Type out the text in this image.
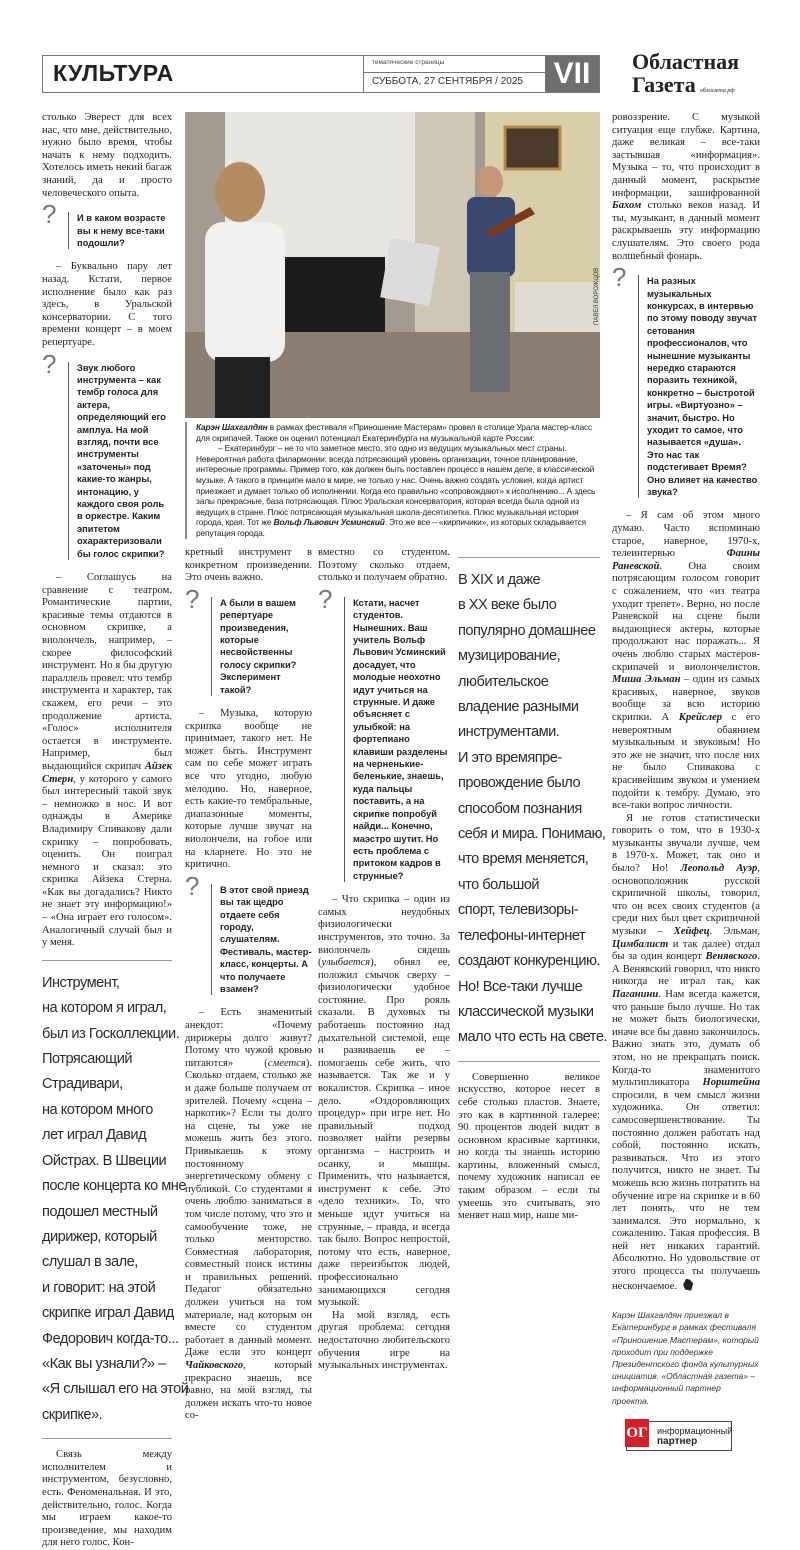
КУЛЬТУРА	тематические страницы
СУББОТА, 27 СЕНТЯБРЯ / 2025 VII	Областная
Газета облгазета.рф

столько Эверест для всех нас, что мне, действительно, нужно было время, чтобы начать к нему подходить. Хотелось иметь некий багаж знаний, да и просто человеческого опыта.

?	И в каком возрасте вы к нему все-таки подошли?

– Буквально пару лет назад. Кстати, первое исполнение было как раз здесь, в Уральской консерватории. С того времени концерт – в моем репертуаре.

?	Звук любого инструмента – как тембр голоса для актера, определяющий его амплуа. На мой взгляд, почти все инструменты «заточены» под какие-то жанры, интонацию, у каждого своя роль в оркестре. Каким эпитетом охарактеризовали бы голос скрипки?

– Соглашусь на сравнение с театром. Романтические партии, красивые темы отдаются в основном скрипке, а виолончель, например, – скорее философский инструмент. Но я бы другую параллель провел: что тембр инструмента и характер, так скажем, его речи – это продолжение артиста. «Голос» исполнителя остается в инструменте. Например, был выдающийся скрипач Айзек Стерн, у которого у самого был интересный такой звук – немножко в нос. И вот однажды в Америке Владимиру Спивакову дали скрипку – попробовать, оценить. Он поиграл немного и сказал: это скрипка Айзека Стерна. «Как вы догадались? Никто не знает эту информацию!» – «Она играет его голосом». Аналогичный случай был и у меня.

Инструмент,
на котором я играл,
был из Госколлекции.
Потрясающий
Страдивари,
на котором много
лет играл Давид
Ойстрах. В Швеции
после концерта ко мне
подошел местный
дирижер, который
слушал в зале,
и говорит: на этой
скрипке играл Давид
Федорович когда-то...
«Как вы узнали?» –
«Я слышал его на этой
скрипке».

Связь между исполнителем и инструментом, безусловно, есть. Феноменальная. И это, действительно, голос. Когда мы играем какое-то произведение, мы находим для него голос. Кон-

ПАВЕЛ ВОРОЖЦОВ
Карэн Шахгалдян в рамках фестиваля «Приношение Мастерам» провел в столице Урала мастер-класс для скрипачей. Также он оценил потенциал Екатеринбурга на музыкальной карте России:
– Екатеринбург – не то что заметное место, это одно из ведущих музыкальных мест страны. Невероятная работа филармонии: всегда потрясающий уровень организации, точное планирование, интересные программы. Пример того, как должен быть поставлен процесс в нашем деле, в классической музыке. А такого в принципе мало в мире, не только у нас. Очень важно создать условия, когда артист приезжает и думает только об исполнении. Когда его правильно «сопровождают» к исполнению... А здесь залы прекрасные, база потрясающая. Плюс Уральская консерватория, которая всегда была одной из ведущих в стране. Плюс потрясающая музыкальная школа-десятилетка. Плюс музыкальная история города, края. Тот же Вольф Львович Усминский. Это же все – «кирпичики», из которых складывается репутация города.

кретный инструмент в конкретном произведении. Это очень важно.

?	А были в вашем репертуаре произведения, которые несвойственны голосу скрипки? Эксперимент такой?

– Музыка, которую скрипка вообще не принимает, такого нет. Не может быть. Инструмент сам по себе может играть все что угодно, любую мелодию. Но, наверное, есть какие-то тембральные, диапазонные моменты, которые лучше звучат на виолончели, на гобое или на кларнете. Но это не критично.

?	В этот свой приезд вы так щедро отдаете себя городу, слушателям. Фестиваль, мастер-класс, концерты. А что получаете взамен?

– Есть знаменитый анекдот: «Почему дирижеры долго живут? Потому что чужой кровью питаются» (смеется). Сколько отдаем, столько же и даже больше получаем от зрителей. Почему «сцена – наркотик»? Если ты долго на сцене, ты уже не можешь жить без этого. Привыкаешь к этому постоянному энергетическому обмену с публикой. Со студентами я очень люблю заниматься в том числе потому, что это и самообучение тоже, не только менторство. Совместная лаборатория, совместный поиск истины и правильных решений. Педагог обязательно должен учиться на том материале, над которым он вместе со студентом работает в данный момент. Даже если это концерт Чайковского, который прекрасно знаешь, все равно, на мой взгляд, ты должен искать что-то новое со-

вместно со студентом. Поэтому сколько отдаем, столько и получаем обратно.

?	Кстати, насчет студентов. Нынешних. Ваш учитель Вольф Львович Усминский досадует, что молодые неохотно идут учиться на струнные. И даже объясняет с улыбкой: на фортепиано клавиши разделены на черненькие-беленькие, знаешь, куда пальцы поставить, а на скрипке попробуй найди... Конечно, маэстро шутит. Но есть проблема с притоком кадров в струнные?

– Что скрипка – один из самых неудобных физиологически инструментов, это точно. За виолончель сядешь (улыбается), обнял ее, положил смычок сверху – физиологически удобное состояние. Про рояль сказали. В духовых ты работаешь постоянно над дыхательной системой, еще и развиваешь ее – помогаешь себе жить, что называется. Так же и у вокалистов. Скрипка – иное дело. «Оздоровляющих процедур» при игре нет. Но правильный подход позволяет найти резервы организма – настроить и осанку, и мышцы. Применить, что называется, инструмент к себе. Это «дело техники». То, что меньше идут учиться на струнные, – правда, и всегда так было. Вопрос непростой, потому что есть, наверное, даже переизбыток людей, профессионально занимающихся сегодня музыкой.

На мой взгляд, есть другая проблема: сегодня недостаточно любительского обучения игре на музыкальных инструментах.

В XIX и даже
в XX веке было
популярно домашнее
музицирование,
любительское
владение разными
инструментами.
И это времяпре-
провождение было
способом познания
себя и мира. Понимаю,
что время меняется,
что большой
спорт, телевизоры-
телефоны-интернет
создают конкуренцию.
Но! Все-таки лучше
классической музыки
мало что есть на свете.

Совершенно великое искусство, которое несет в себе столько пластов. Знаете, это как в картинной галерее: 90 процентов людей видят в основном красивые картинки, но когда ты знаешь историю картины, вложенный смысл, почему художник написал ее таким образом – если ты умеешь это считывать, это меняет наш мир, наше ми-

ровоззрение. С музыкой ситуация еще глубже. Картина, даже великая – все-таки застывшая «информация». Музыка – то, что происходит в данный момент, раскрытие информации, зашифрованной Бахом столько веков назад. И ты, музыкант, в данный момент раскрываешь эту информацию слушателям. Это своего рода волшебный фонарь.

?	На разных музыкальных конкурсах, в интервью по этому поводу звучат сетования профессионалов, что нынешние музыканты нередко стараются поразить техникой, конкретно – быстротой игры. «Виртуозно» – значит, быстро. Но уходит то самое, что называется «душа». Это нас так подстегивает Время? Оно влияет на качество звука?

– Я сам об этом много думаю. Часто вспоминаю старое, наверное, 1970-х, телеинтервью Фаины Раневской. Она своим потрясающим голосом говорит с сожалением, что «из театра уходит трепет». Верно, но после Раневской на сцене были выдающиеся актеры, которые продолжают нас поражать... Я очень люблю старых мастеров-скрипачей и виолончелистов. Миша Эльман – один из самых красивых, наверное, звуков вообще за всю историю скрипки. А Крейслер с его невероятным обаянием музыкальным и звуковым! Но это же не значит, что после них не было Спивакова с красивейшим звуком и умением подойти к тембру. Думаю, это все-таки вопрос личности.

Я не готов статистически говорить о том, что в 1930-х музыканты звучали лучше, чем в 1970-х. Может, так оно и было? Но! Леопольд Ауэр, основоположник русской скрипичной школы, говорил, что он всех своих студентов (а среди них был цвет скрипичной музыки – Хейфец. Эльман, Цимбалист и так далее) отдал бы за один концерт Венявского. А Венявский говорил, что никто никогда не играл так, как Паганини. Нам всегда кажется, что раньше было лучше. Но так не может быть биологически, иначе все бы давно закончилось. Важно знать это, думать об этом, но не прекращать поиск. Когда-то знаменитого мультипликатора Норштейна спросили, в чем смысл жизни художника. Он ответил: самосовершенствование. Ты постоянно должен работать над собой, постоянно искать, развиваться. Что из этого получится, никто не знает. Ты можешь всю жизнь потратить на обучение игре на скрипке и в 60 лет понять, что не тем занимался. Это нормально, к сожалению. Такая профессия. В ней нет никаких гарантий. Абсолютно. Но удовольствие от этого процесса ты получаешь нескончаемое.

Карэн Шахгалдян приезжал в Екатеринбург в рамках фестиваля «Приношение Мастерам», который проходит при поддержке Президентского фонда культурных инициатив. «Областная газета» – информационный партнер проекта.
ОГ информационный
партнер
